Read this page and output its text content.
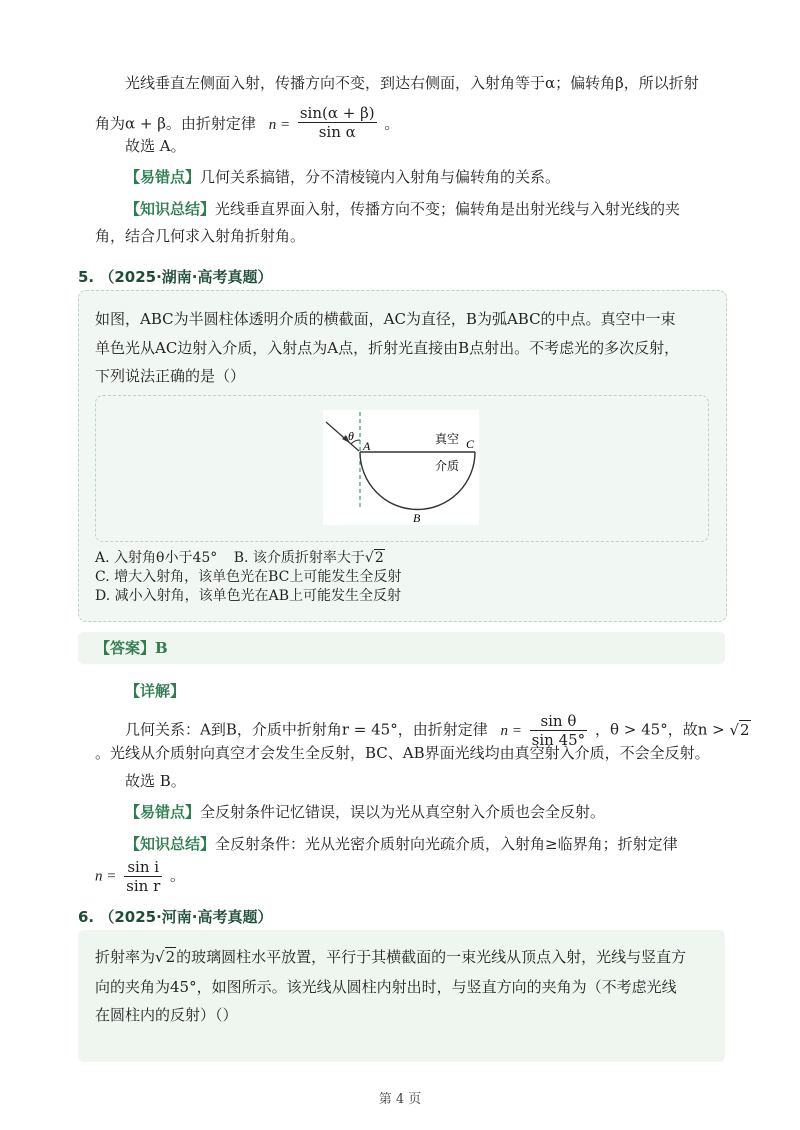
光线垂直左侧面入射，传播方向不变，到达右侧面，入射角等于α；偏转角β，所以折射
角为α + β。由折射定律 $n = \frac{\sin(\alpha + \beta)}{\text{sin α}}$ 。
故选 A。
【易错点】几何关系搞错，分不清棱镜内入射角与偏转角的关系。
【知识总结】光线垂直界面入射，传播方向不变；偏转角是出射光线与入射光线的夹
角，结合几何求入射角折射角。
5. （2025·湖南·高考真题）
如图，ABC为半圆柱体透明介质的横截面，AC为直径，B为弧ABC的中点。真空中一束
单色光从AC边射入介质，入射点为A点，折射光直接由B点射出。不考虑光的多次反射，
下列说法正确的是（）
θ
A	C
B
真空
介质
A. 入射角θ小于45° B. 该介质折射率大于√2
C. 增大入射角，该单色光在BC上可能发生全反射
D. 减小入射角，该单色光在AB上可能发生全反射
【答案】B
【详解】
几何关系：A到B，介质中折射角r = 45°，由折射定律 $n = \frac{\text{sin θ}}{\sin 45^\circ}$ ，θ > 45°，故n > √2
。光线从介质射向真空才会发生全反射，BC、AB界面光线均由真空射入介质，不会全反射。
故选 B。
【易错点】全反射条件记忆错误，误以为光从真空射入介质也会全反射。
【知识总结】全反射条件：光从光密介质射向光疏介质，入射角≥临界角；折射定律
$n = \frac{\text{sin i}}{\text{sin r}}$ 。
6. （2025·河南·高考真题）
折射率为√2的玻璃圆柱水平放置，平行于其横截面的一束光线从顶点入射，光线与竖直方
向的夹角为45°，如图所示。该光线从圆柱内射出时，与竖直方向的夹角为（不考虑光线
在圆柱内的反射）（）
第 4 页
